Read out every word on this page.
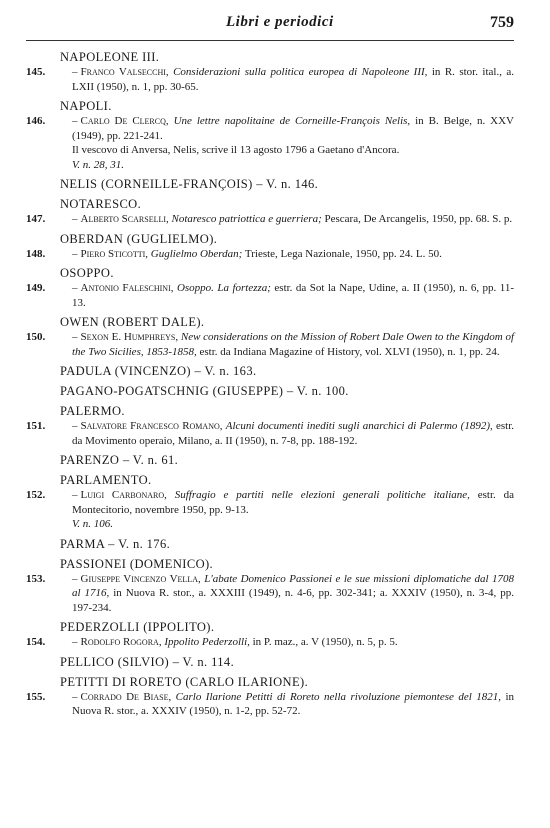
Libri e periodici	759
NAPOLEONE III.
145. – Franco Valsecchi, Considerazioni sulla politica europea di Napoleone III, in R. stor. ital., a. LXII (1950), n. 1, pp. 30-65.
NAPOLI.
146. – Carlo De Clercq, Une lettre napolitaine de Corneille-François Nelis, in B. Belge, n. XXV (1949), pp. 221-241.
Il vescovo di Anversa, Nelis, scrive il 13 agosto 1796 a Gaetano d'Ancora.
V. n. 28, 31.
NELIS (CORNEILLE-FRANÇOIS) – V. n. 146.
NOTARESCO.
147. – Alberto Scarselli, Notaresco patriottica e guerriera; Pescara, De Arcangelis, 1950, pp. 68. S. p.
OBERDAN (GUGLIELMO).
148. – Piero Sticotti, Guglielmo Oberdan; Trieste, Lega Nazionale, 1950, pp. 24. L. 50.
OSOPPO.
149. – Antonio Faleschini, Osoppo. La fortezza; estr. da Sot la Nape, Udine, a. II (1950), n. 6, pp. 11-13.
OWEN (ROBERT DALE).
150. – Sexon E. Humphreys, New considerations on the Mission of Robert Dale Owen to the Kingdom of the Two Sicilies, 1853-1858, estr. da Indiana Magazine of History, vol. XLVI (1950), n. 1, pp. 24.
PADULA (VINCENZO) – V. n. 163.
PAGANO-POGATSCHNIG (GIUSEPPE) – V. n. 100.
PALERMO.
151. – Salvatore Francesco Romano, Alcuni documenti inediti sugli anarchici di Palermo (1892), estr. da Movimento operaio, Milano, a. II (1950), n. 7-8, pp. 188-192.
PARENZO – V. n. 61.
PARLAMENTO.
152. – Luigi Carbonaro, Suffragio e partiti nelle elezioni generali politiche italiane, estr. da Montecitorio, novembre 1950, pp. 9-13.
V. n. 106.
PARMA – V. n. 176.
PASSIONEI (DOMENICO).
153. – Giuseppe Vincenzo Vella, L'abate Domenico Passionei e le sue missioni diplomatiche dal 1708 al 1716, in Nuova R. stor., a. XXXIII (1949), n. 4-6, pp. 302-341; a. XXXIV (1950), n. 3-4, pp. 197-234.
PEDERZOLLI (IPPOLITO).
154. – Rodolfo Rogora, Ippolito Pederzolli, in P. maz., a. V (1950), n. 5, p. 5.
PELLICO (SILVIO) – V. n. 114.
PETITTI DI RORETO (CARLO ILARIONE).
155. – Corrado De Biase, Carlo Ilarione Petitti di Roreto nella rivoluzione piemontese del 1821, in Nuova R. stor., a. XXXIV (1950), n. 1-2, pp. 52-72.
